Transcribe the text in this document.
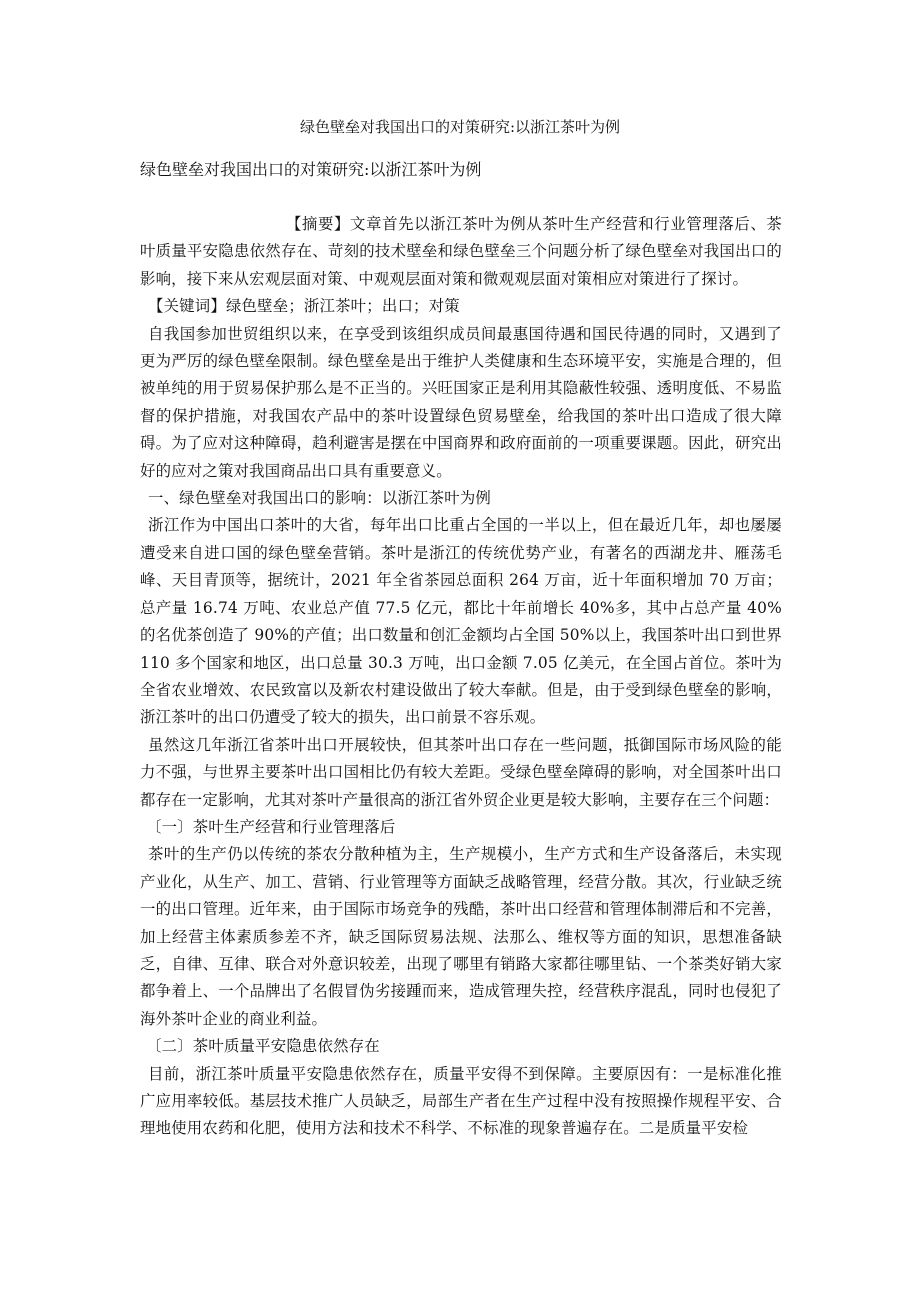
绿色壁垒对我国出口的对策研究:以浙江茶叶为例
绿色壁垒对我国出口的对策研究:以浙江茶叶为例

【摘要】文章首先以浙江茶叶为例从茶叶生产经营和行业管理落后、茶叶质量平安隐患依然存在、苛刻的技术壁垒和绿色壁垒三个问题分析了绿色壁垒对我国出口的影响，接下来从宏观层面对策、中观观层面对策和微观观层面对策相应对策进行了探讨。

【关键词】绿色壁垒；浙江茶叶；出口；对策

自我国参加世贸组织以来，在享受到该组织成员间最惠国待遇和国民待遇的同时，又遇到了更为严厉的绿色壁垒限制。绿色壁垒是出于维护人类健康和生态环境平安，实施是合理的，但被单纯的用于贸易保护那么是不正当的。兴旺国家正是利用其隐蔽性较强、透明度低、不易监督的保护措施，对我国农产品中的茶叶设置绿色贸易壁垒，给我国的茶叶出口造成了很大障碍。为了应对这种障碍，趋利避害是摆在中国商界和政府面前的一项重要课题。因此，研究出好的应对之策对我国商品出口具有重要意义。

一、绿色壁垒对我国出口的影响：以浙江茶叶为例

浙江作为中国出口茶叶的大省，每年出口比重占全国的一半以上，但在最近几年，却也屡屡遭受来自进口国的绿色壁垒营销。茶叶是浙江的传统优势产业，有著名的西湖龙井、雁荡毛峰、天目青顶等，据统计，2021 年全省茶园总面积 264 万亩，近十年面积增加 70 万亩；总产量 16.74 万吨、农业总产值 77.5 亿元，都比十年前增长 40%多，其中占总产量 40%的名优茶创造了 90%的产值；出口数量和创汇金额均占全国 50%以上，我国茶叶出口到世界 110 多个国家和地区，出口总量 30.3 万吨，出口金额 7.05 亿美元，在全国占首位。茶叶为全省农业增效、农民致富以及新农村建设做出了较大奉献。但是，由于受到绿色壁垒的影响，浙江茶叶的出口仍遭受了较大的损失，出口前景不容乐观。

虽然这几年浙江省茶叶出口开展较快，但其茶叶出口存在一些问题，抵御国际市场风险的能力不强，与世界主要茶叶出口国相比仍有较大差距。受绿色壁垒障碍的影响，对全国茶叶出口都存在一定影响，尤其对茶叶产量很高的浙江省外贸企业更是较大影响，主要存在三个问题：

〔一〕茶叶生产经营和行业管理落后

茶叶的生产仍以传统的茶农分散种植为主，生产规模小，生产方式和生产设备落后，未实现产业化，从生产、加工、营销、行业管理等方面缺乏战略管理，经营分散。其次，行业缺乏统一的出口管理。近年来，由于国际市场竞争的残酷，茶叶出口经营和管理体制滞后和不完善，加上经营主体素质参差不齐，缺乏国际贸易法规、法那么、维权等方面的知识，思想准备缺乏，自律、互律、联合对外意识较差，出现了哪里有销路大家都往哪里钻、一个茶类好销大家都争着上、一个品牌出了名假冒伪劣接踵而来，造成管理失控，经营秩序混乱，同时也侵犯了海外茶叶企业的商业利益。

〔二〕茶叶质量平安隐患依然存在

目前，浙江茶叶质量平安隐患依然存在，质量平安得不到保障。主要原因有：一是标准化推广应用率较低。基层技术推广人员缺乏，局部生产者在生产过程中没有按照操作规程平安、合理地使用农药和化肥，使用方法和技术不科学、不标准的现象普遍存在。二是质量平安检
